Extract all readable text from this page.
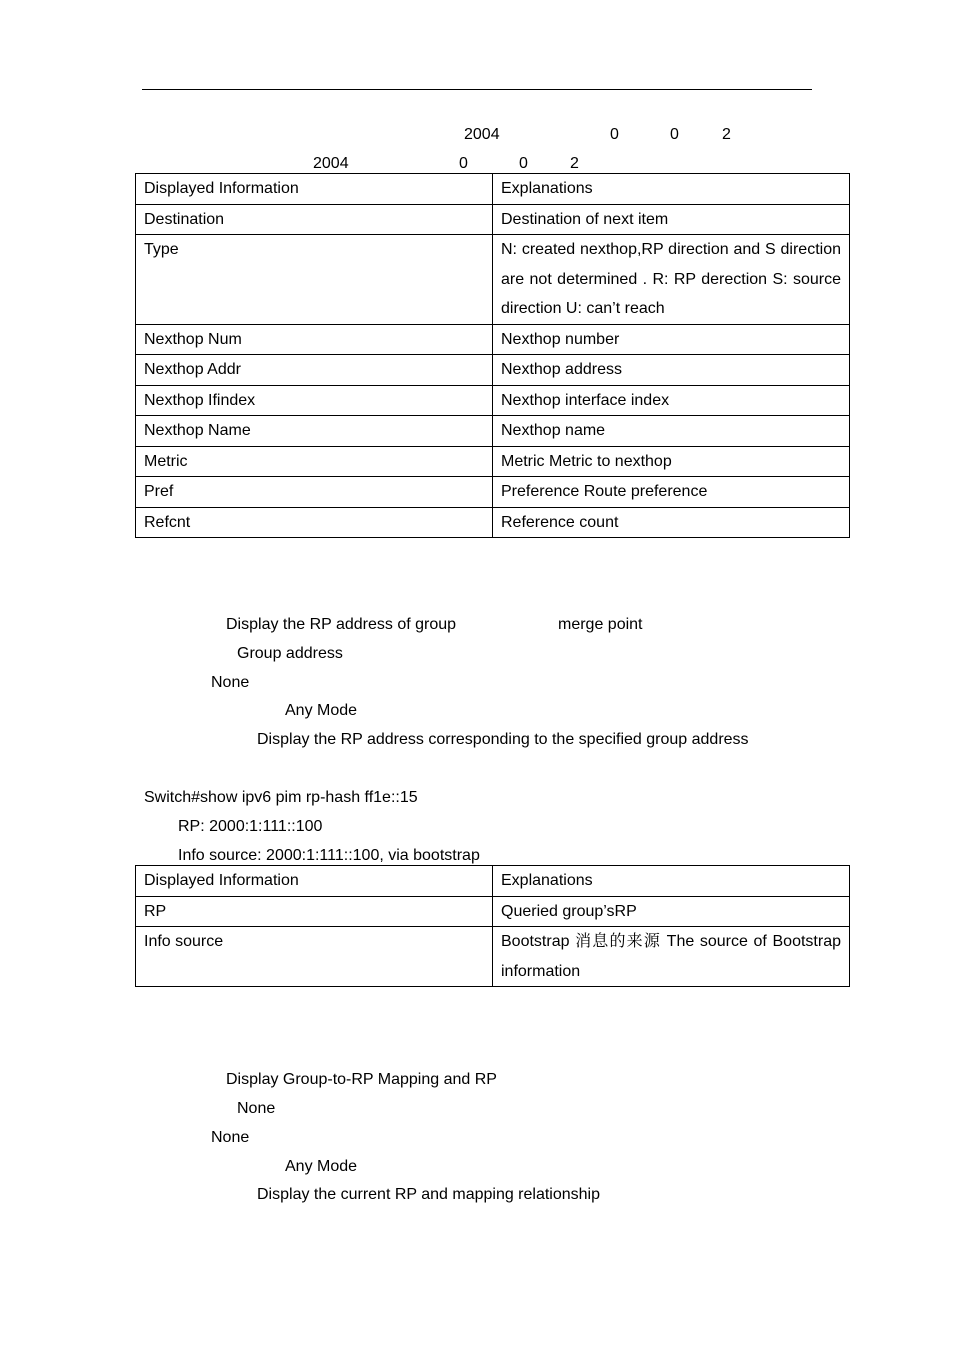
2004	0	0	2
2004	0	0	2
Displayed Information	Explanations
Destination	Destination of next item
Type	N: created nexthop,RP direction and S direction are not determined . R: RP derection S: source direction U: can’t reach
Nexthop Num	Nexthop number
Nexthop Addr	Nexthop address
Nexthop Ifindex	Nexthop interface index
Nexthop Name	Nexthop name
Metric	Metric Metric to nexthop
Pref	Preference Route preference
Refcnt	Reference count
Display the RP address of group	merge point
Group address
None
Any Mode
Display the RP address corresponding to the specified group address
Switch#show ipv6 pim rp-hash ff1e::15
RP: 2000:1:111::100
Info source: 2000:1:111::100, via bootstrap
Displayed Information	Explanations
RP	Queried group’sRP
Info source	Bootstrap 消息的来源 The source of Bootstrap information
Display Group-to-RP Mapping and RP
None
None
Any Mode
Display the current RP and mapping relationship
